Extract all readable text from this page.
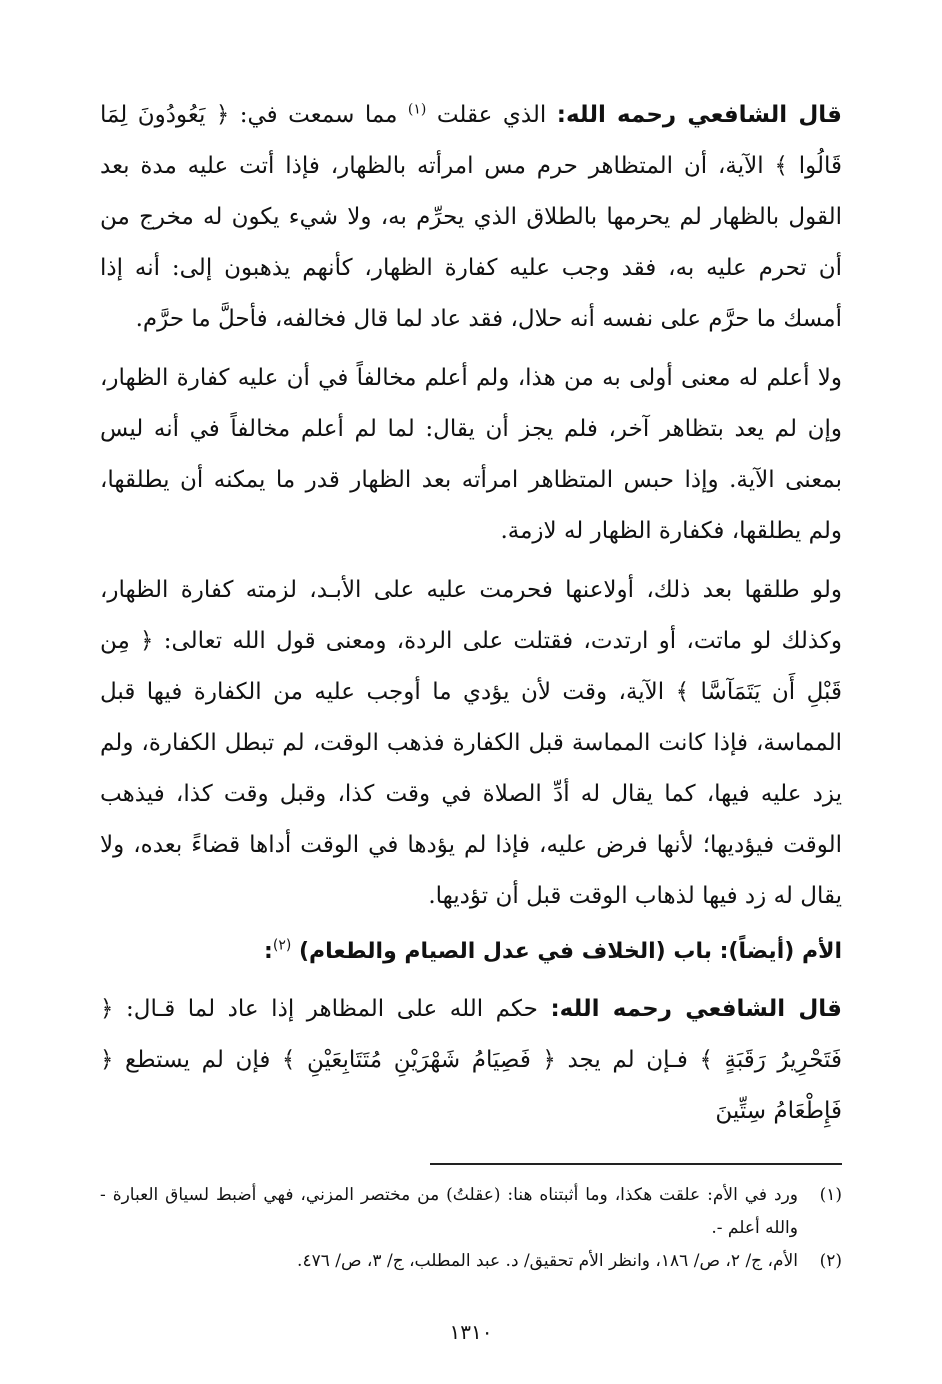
قال الشافعي رحمه الله: الذي عقلت $^{(١)}$ مما سمعت في: ﴿ يَعُودُونَ لِمَا قَالُوا ﴾ الآية، أن المتظاهر حرم مس امرأته بالظهار، فإذا أتت عليه مدة بعد القول بالظهار لم يحرمها بالطلاق الذي يحرِّم به، ولا شيء يكون له مخرج من أن تحرم عليه به، فقد وجب عليه كفارة الظهار، كأنهم يذهبون إلى: أنه إذا أمسك ما حرَّم على نفسه أنه حلال، فقد عاد لما قال فخالفه، فأحلَّ ما حرَّم.

ولا أعلم له معنى أولى به من هذا، ولم أعلم مخالفاً في أن عليه كفارة الظهار، وإن لم يعد بتظاهر آخر، فلم يجز أن يقال: لما لم أعلم مخالفاً في أنه ليس بمعنى الآية. وإذا حبس المتظاهر امرأته بعد الظهار قدر ما يمكنه أن يطلقها، ولم يطلقها، فكفارة الظهار له لازمة.

ولو طلقها بعد ذلك، أولاعنها فحرمت عليه على الأبـد، لزمته كفارة الظهار، وكذلك لو ماتت، أو ارتدت، فقتلت على الردة، ومعنى قول الله تعالى: ﴿ مِن قَبْلِ أَن يَتَمَآسَّا ﴾ الآية، وقت لأن يؤدي ما أوجب عليه من الكفارة فيها قبل المماسة، فإذا كانت المماسة قبل الكفارة فذهب الوقت، لم تبطل الكفارة، ولم يزد عليه فيها، كما يقال له أدِّ الصلاة في وقت كذا، وقبل وقت كذا، فيذهب الوقت فيؤديها؛ لأنها فرض عليه، فإذا لم يؤدها في الوقت أداها قضاءً بعده، ولا يقال له زد فيها لذهاب الوقت قبل أن تؤديها.

الأم (أيضاً): باب (الخلاف في عدل الصيام والطعام) $^{(٢)}$:

قال الشافعي رحمه الله: حكم الله على المظاهر إذا عاد لما قـال: ﴿ فَتَحْرِيرُ رَقَبَةٍ ﴾ فـإن لم يجد ﴿ فَصِيَامُ شَهْرَيْنِ مُتَتَابِعَيْنِ ﴾ فإن لم يستطع ﴿ فَإِطْعَامُ سِتِّينَ

(١)
ورد في الأم: علقت هكذا، وما أثبتناه هنا: (عقلتُ) من مختصر المزني، فهي أضبط لسياق العبارة - والله أعلم -.
(٢)
الأم، ج/ ٢، ص/ ١٨٦، وانظر الأم تحقيق/ د. عبد المطلب، ج/ ٣، ص/ ٤٧٦.
١٣١٠
